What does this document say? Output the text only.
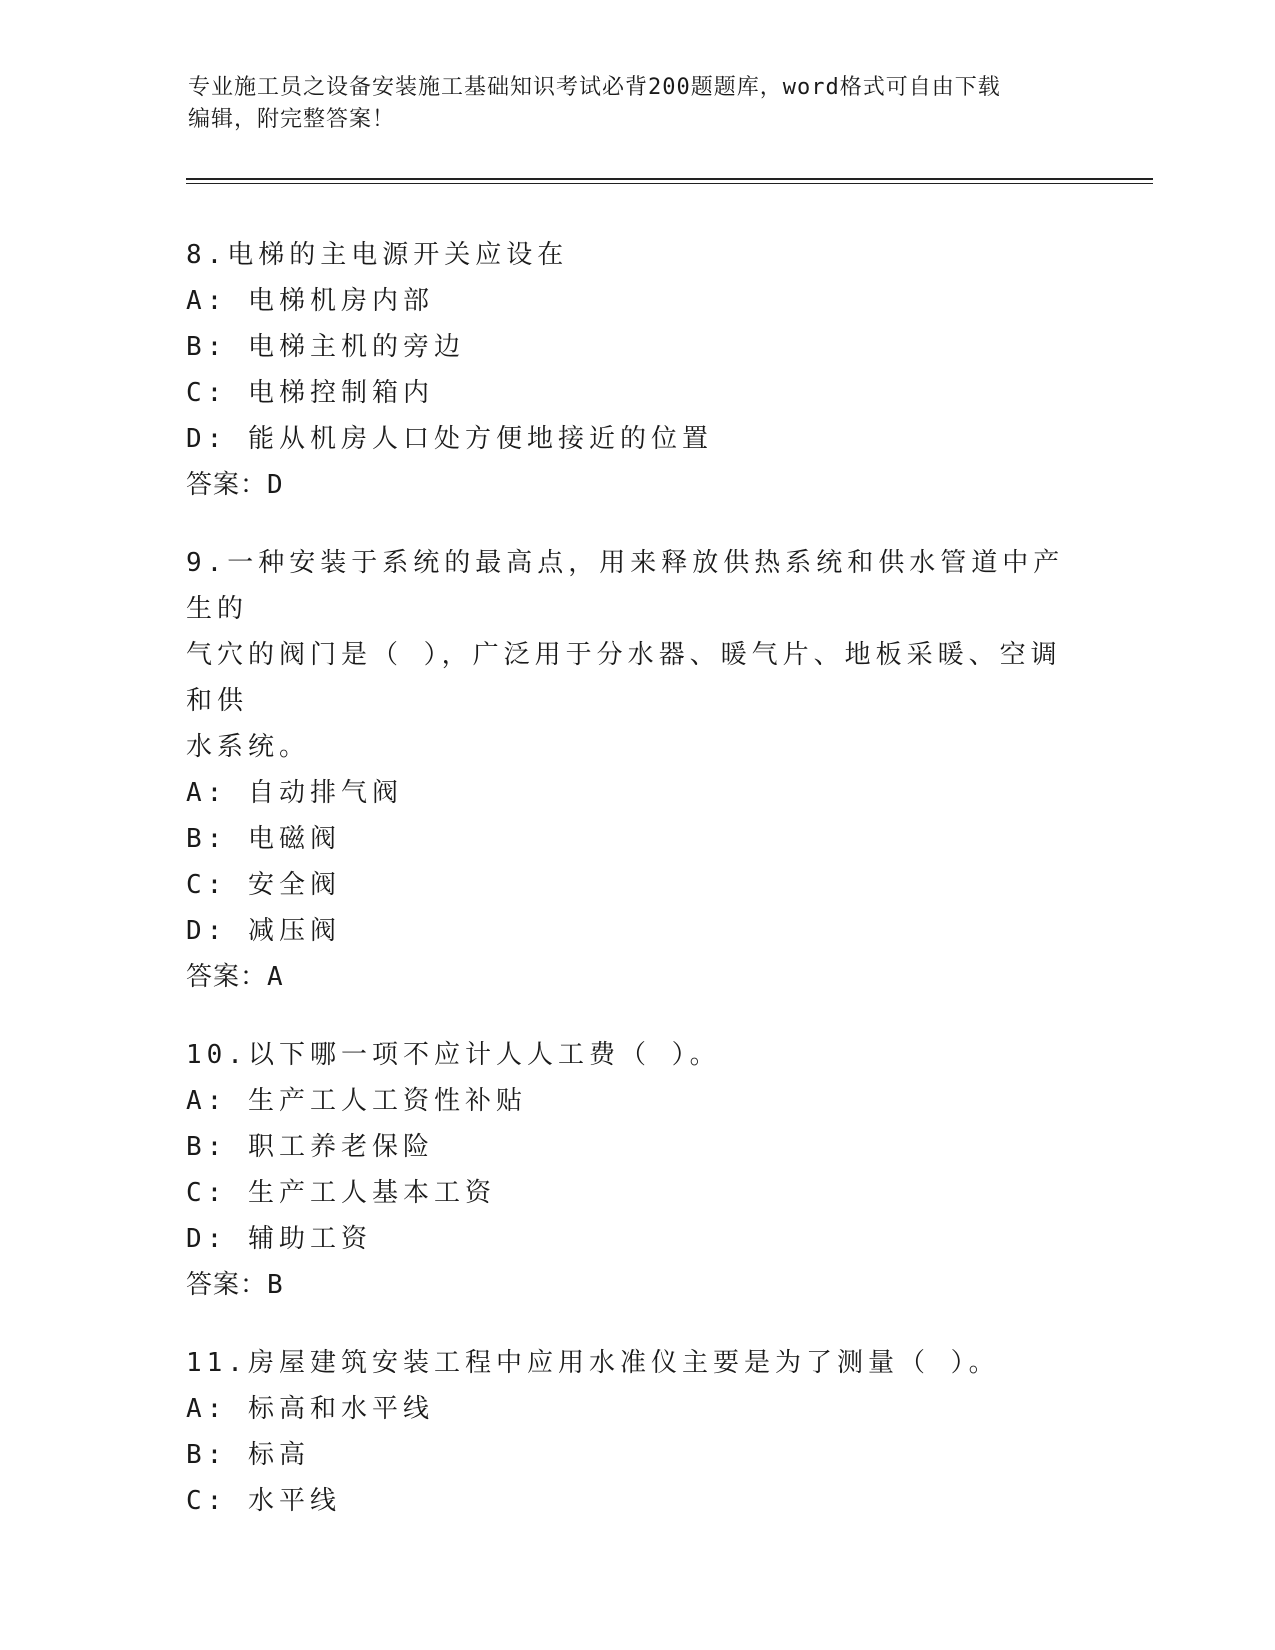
专业施工员之设备安装施工基础知识考试必背200题题库，word格式可自由下载
编辑，附完整答案！
8.电梯的主电源开关应设在
A: 电梯机房内部
B: 电梯主机的旁边
C: 电梯控制箱内
D: 能从机房人口处方便地接近的位置
答案：D
9.一种安装于系统的最高点，用来释放供热系统和供水管道中产生的
气穴的阀门是（ ），广泛用于分水器、暖气片、地板采暖、空调和供
水系统。
A: 自动排气阀
B: 电磁阀
C: 安全阀
D: 减压阀
答案：A
10.以下哪一项不应计人人工费（ ）。
A: 生产工人工资性补贴
B: 职工养老保险
C: 生产工人基本工资
D: 辅助工资
答案：B
11.房屋建筑安装工程中应用水准仪主要是为了测量（ ）。
A: 标高和水平线
B: 标高
C: 水平线
